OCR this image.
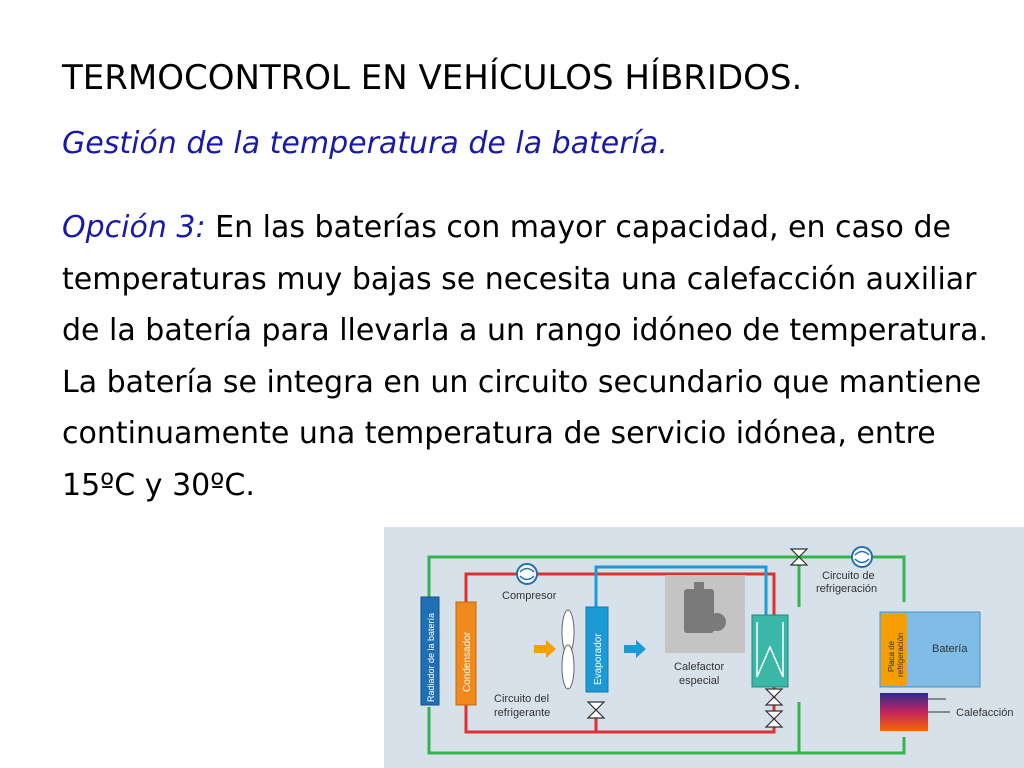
TERMOCONTROL EN VEHÍCULOS HÍBRIDOS.
Gestión de la temperatura de la batería.
Opción 3: En las baterías con mayor capacidad, en caso de temperaturas muy bajas se necesita una calefacción auxiliar de la batería para llevarla a un rango idóneo de temperatura. La batería se integra en un circuito secundario que mantiene continuamente una temperatura de servicio idónea, entre 15ºC y 30ºC.
Radiador de la batería	Condensador
Compresor
Evaporador
Circuito del
refrigerante
Calefactor
especial
Circuito de
refrigeración
Placa de refrigeración Batería
Calefacción
